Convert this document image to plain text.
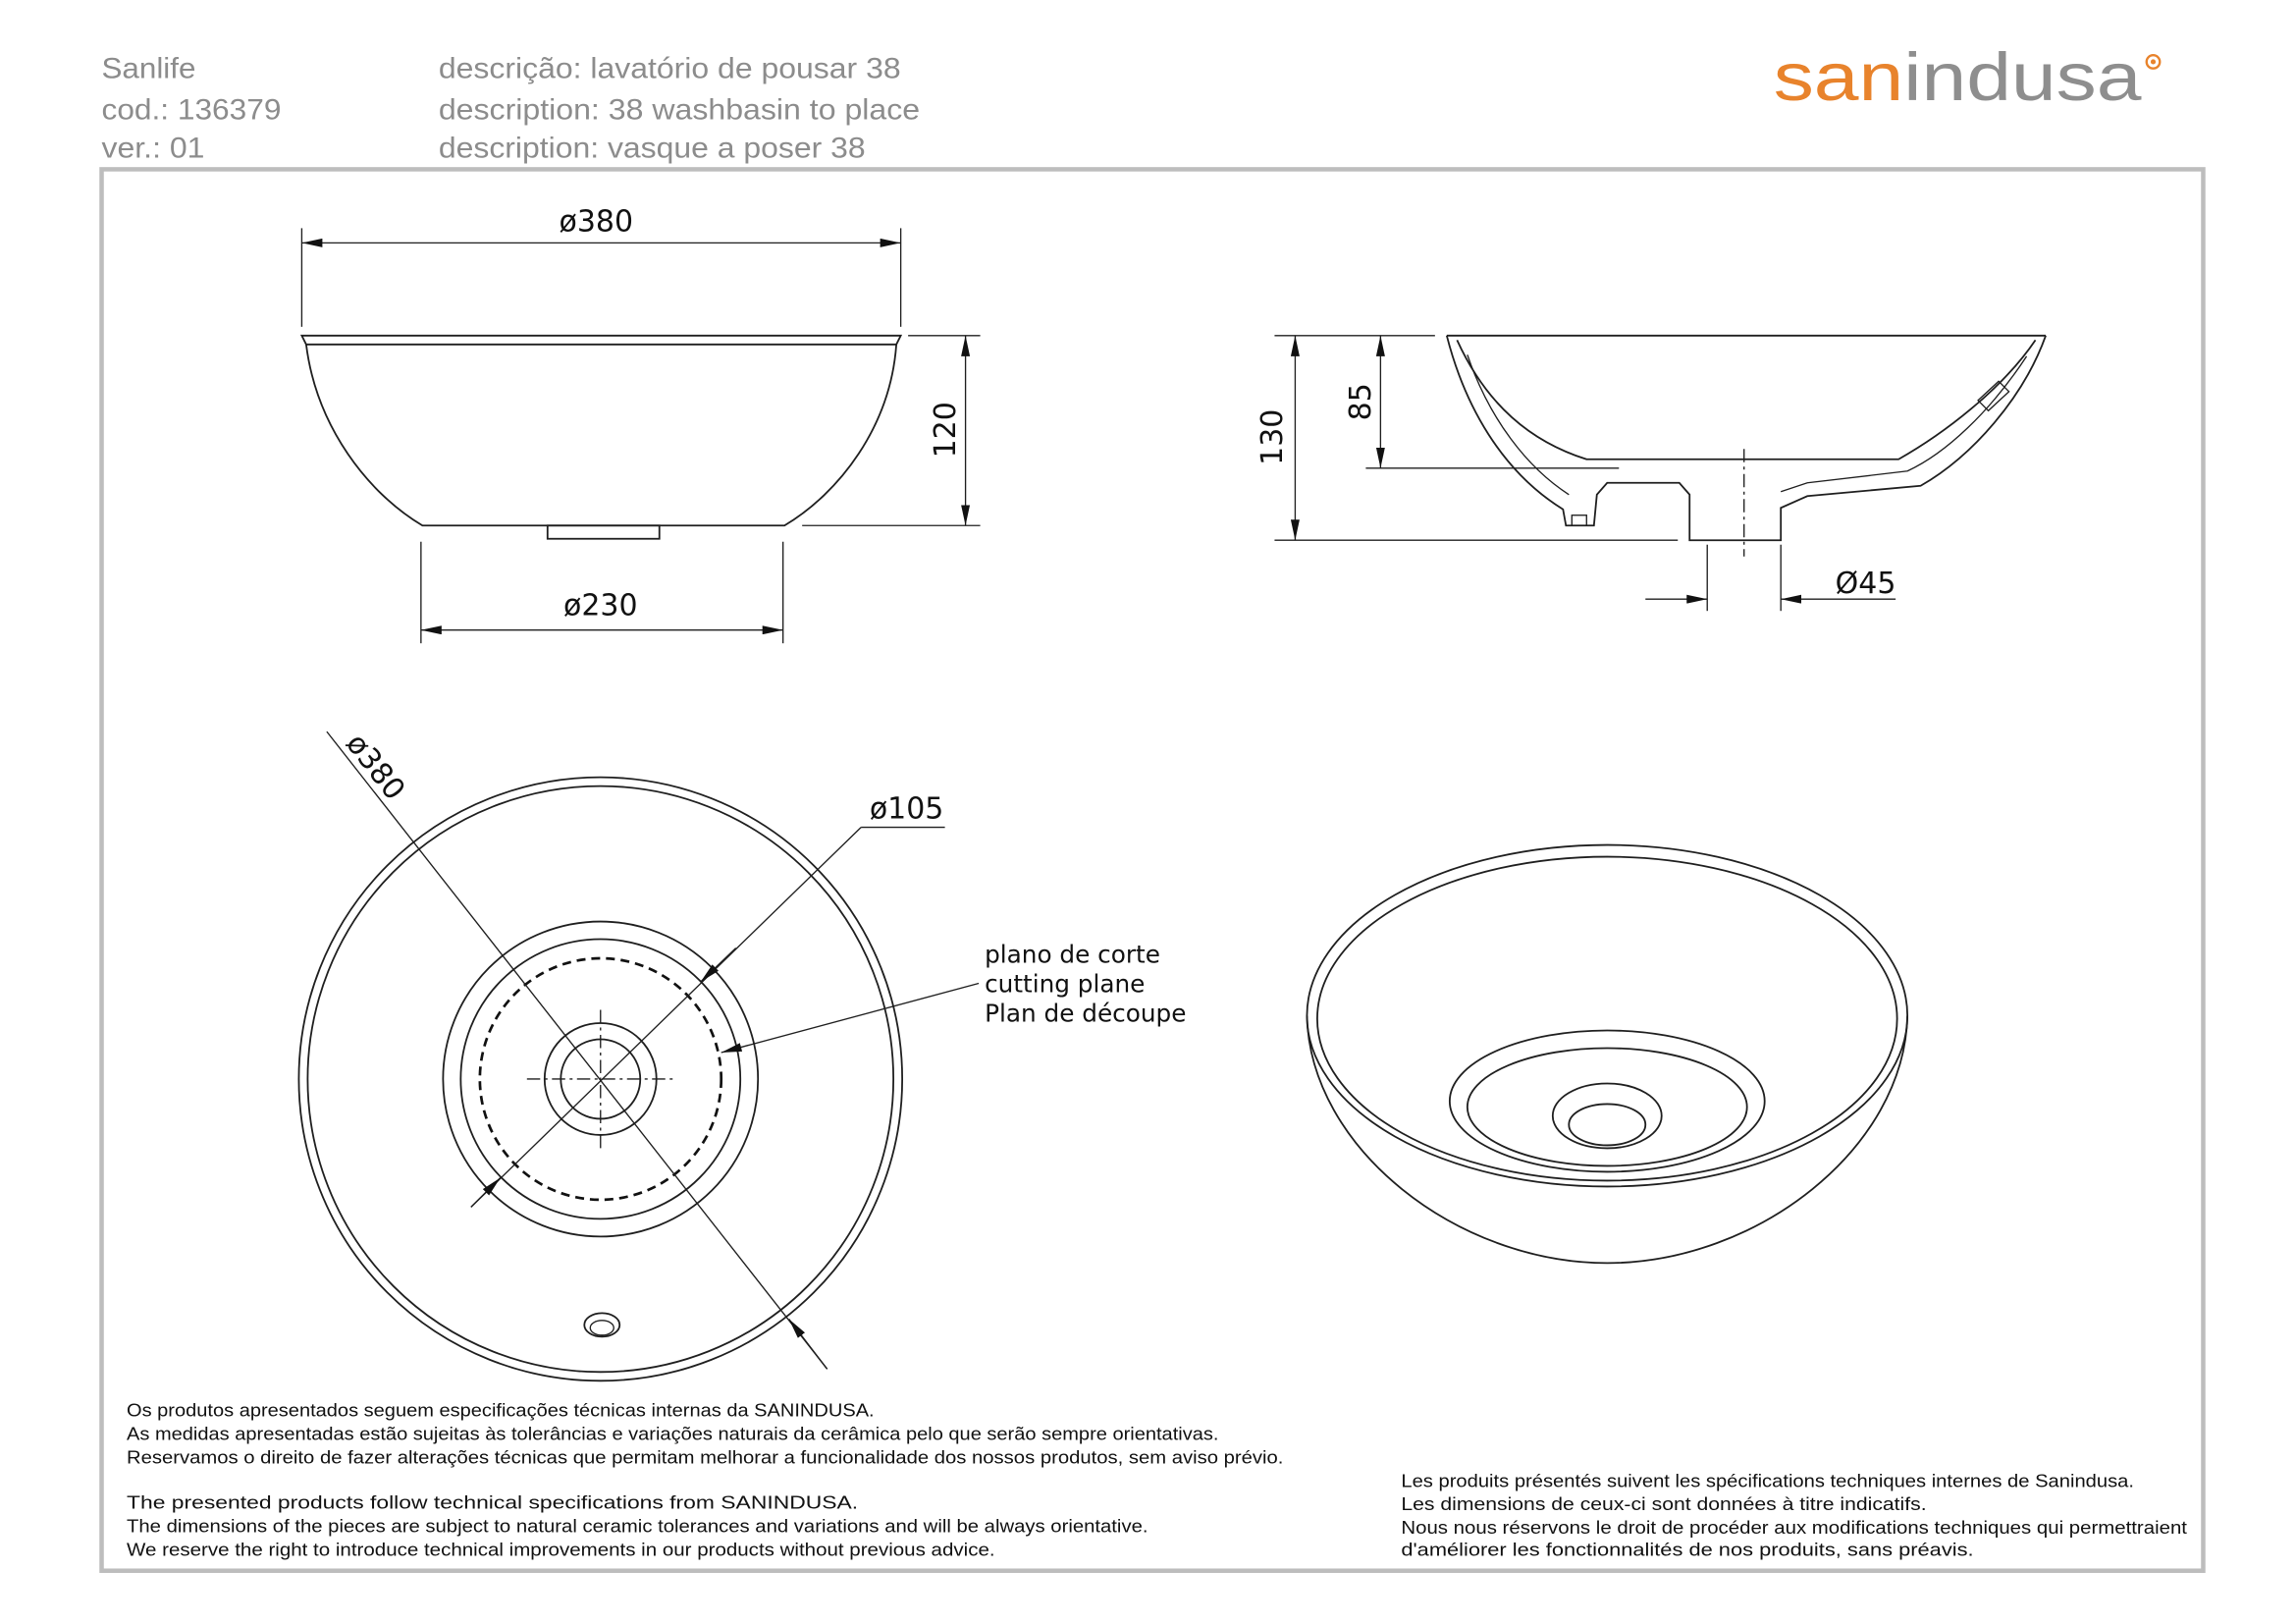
Sanlife
cod.: 136379
ver.: 01
descrição: lavatório de pousar 38
description: 38 washbasin to place
description: vasque a poser 38
san indusa
ø380
120
ø230
130
85
Ø45
ø380
ø105
plano de corte
cutting plane
Plan de découpe
Os produtos apresentados seguem especificações técnicas internas da SANINDUSA.
As medidas apresentadas estão sujeitas às tolerâncias e variações naturais da cerâmica pelo que serão sempre orientativas.
Reservamos o direito de fazer alterações técnicas que permitam melhorar a funcionalidade dos nossos produtos, sem aviso prévio.
The presented products follow technical specifications from SANINDUSA.
The dimensions of the pieces are subject to natural ceramic tolerances and variations and will be always orientative.
We reserve the right to introduce technical improvements in our products without previous advice.
Les produits présentés suivent les spécifications techniques internes de Sanindusa.
Les dimensions de ceux-ci sont données à titre indicatifs.
Nous nous réservons le droit de procéder aux modifications techniques qui permettraient
d'améliorer les fonctionnalités de nos produits, sans préavis.
